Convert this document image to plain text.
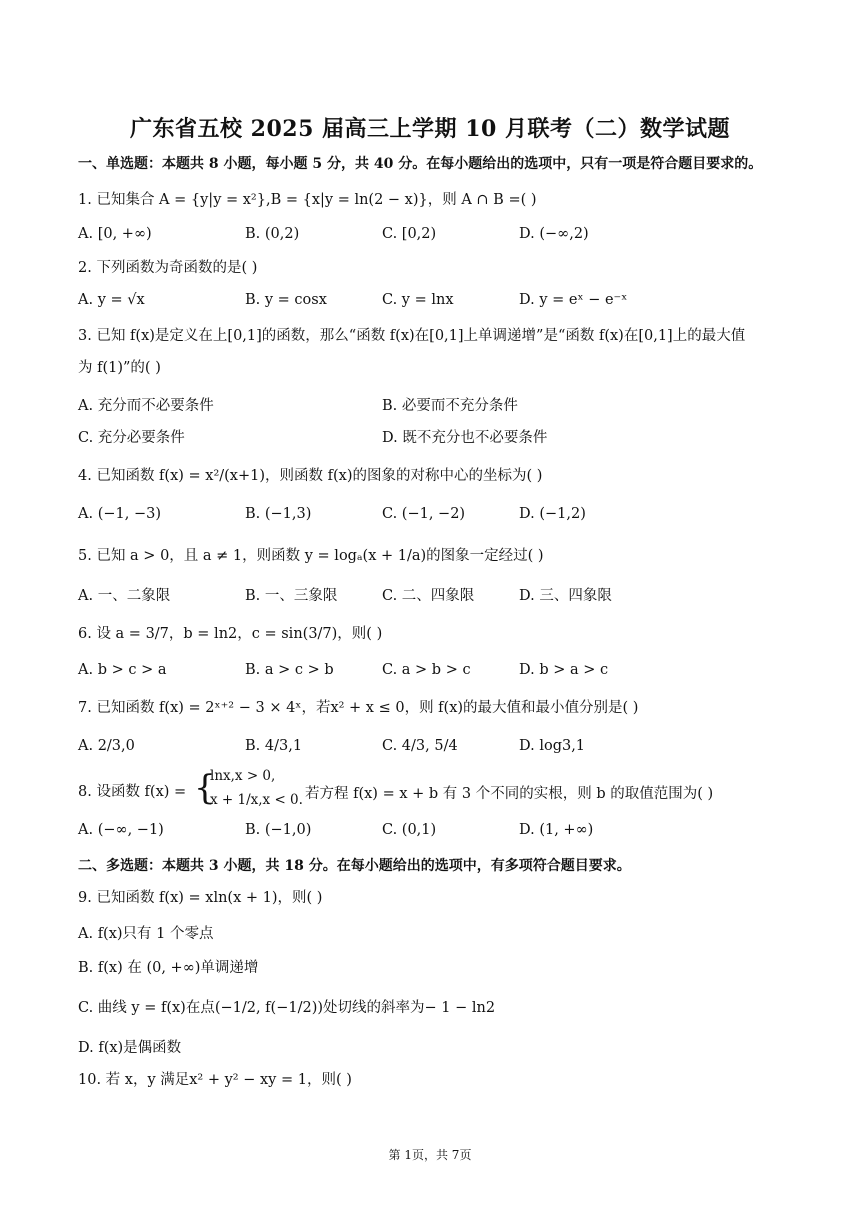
广东省五校 2025 届高三上学期 10 月联考（二）数学试题
一、单选题：本题共 8 小题，每小题 5 分，共 40 分。在每小题给出的选项中，只有一项是符合题目要求的。
1. 已知集合 A = {y|y = x²},B = {x|y = ln(2 − x)}，则 A ∩ B =( )
A. [0, +∞)	B. (0,2)	C. [0,2)	D. (−∞,2)
2. 下列函数为奇函数的是( )
A. y = √x	B. y = cosx	C. y = lnx	D. y = eˣ − e⁻ˣ
3. 已知 f(x)是定义在上[0,1]的函数，那么“函数 f(x)在[0,1]上单调递增”是“函数 f(x)在[0,1]上的最大值
为 f(1)”的( )
A. 充分而不必要条件	B. 必要而不充分条件
C. 充分必要条件	D. 既不充分也不必要条件
4. 已知函数 f(x) = x²/(x+1)，则函数 f(x)的图象的对称中心的坐标为( )
A. (−1, −3)	B. (−1,3)	C. (−1, −2)	D. (−1,2)
5. 已知 a > 0，且 a ≠ 1，则函数 y = logₐ(x + 1/a)的图象一定经过( )
A. 一、二象限	B. 一、三象限	C. 二、四象限	D. 三、四象限
6. 设 a = 3/7，b = ln2，c = sin(3/7)，则( )
A. b > c > a	B. a > c > b	C. a > b > c	D. b > a > c
7. 已知函数 f(x) = 2ˣ⁺² − 3 × 4ˣ，若x² + x ≤ 0，则 f(x)的最大值和最小值分别是( )
A. 2/3,0	B. 4/3,1	C. 4/3, 5/4	D. log3,1
8. 设函数 f(x) = {
lnx,x > 0,
x + 1/x,x < 0. 若方程 f(x) = x + b 有 3 个不同的实根，则 b 的取值范围为( )
A. (−∞, −1)	B. (−1,0)	C. (0,1)	D. (1, +∞)
二、多选题：本题共 3 小题，共 18 分。在每小题给出的选项中，有多项符合题目要求。
9. 已知函数 f(x) = xln(x + 1)，则( )
A. f(x)只有 1 个零点
B. f(x) 在 (0, +∞)单调递增
C. 曲线 y = f(x)在点(−1/2, f(−1/2))处切线的斜率为− 1 − ln2
D. f(x)是偶函数
10. 若 x，y 满足x² + y² − xy = 1，则( )
第 1页，共 7页
